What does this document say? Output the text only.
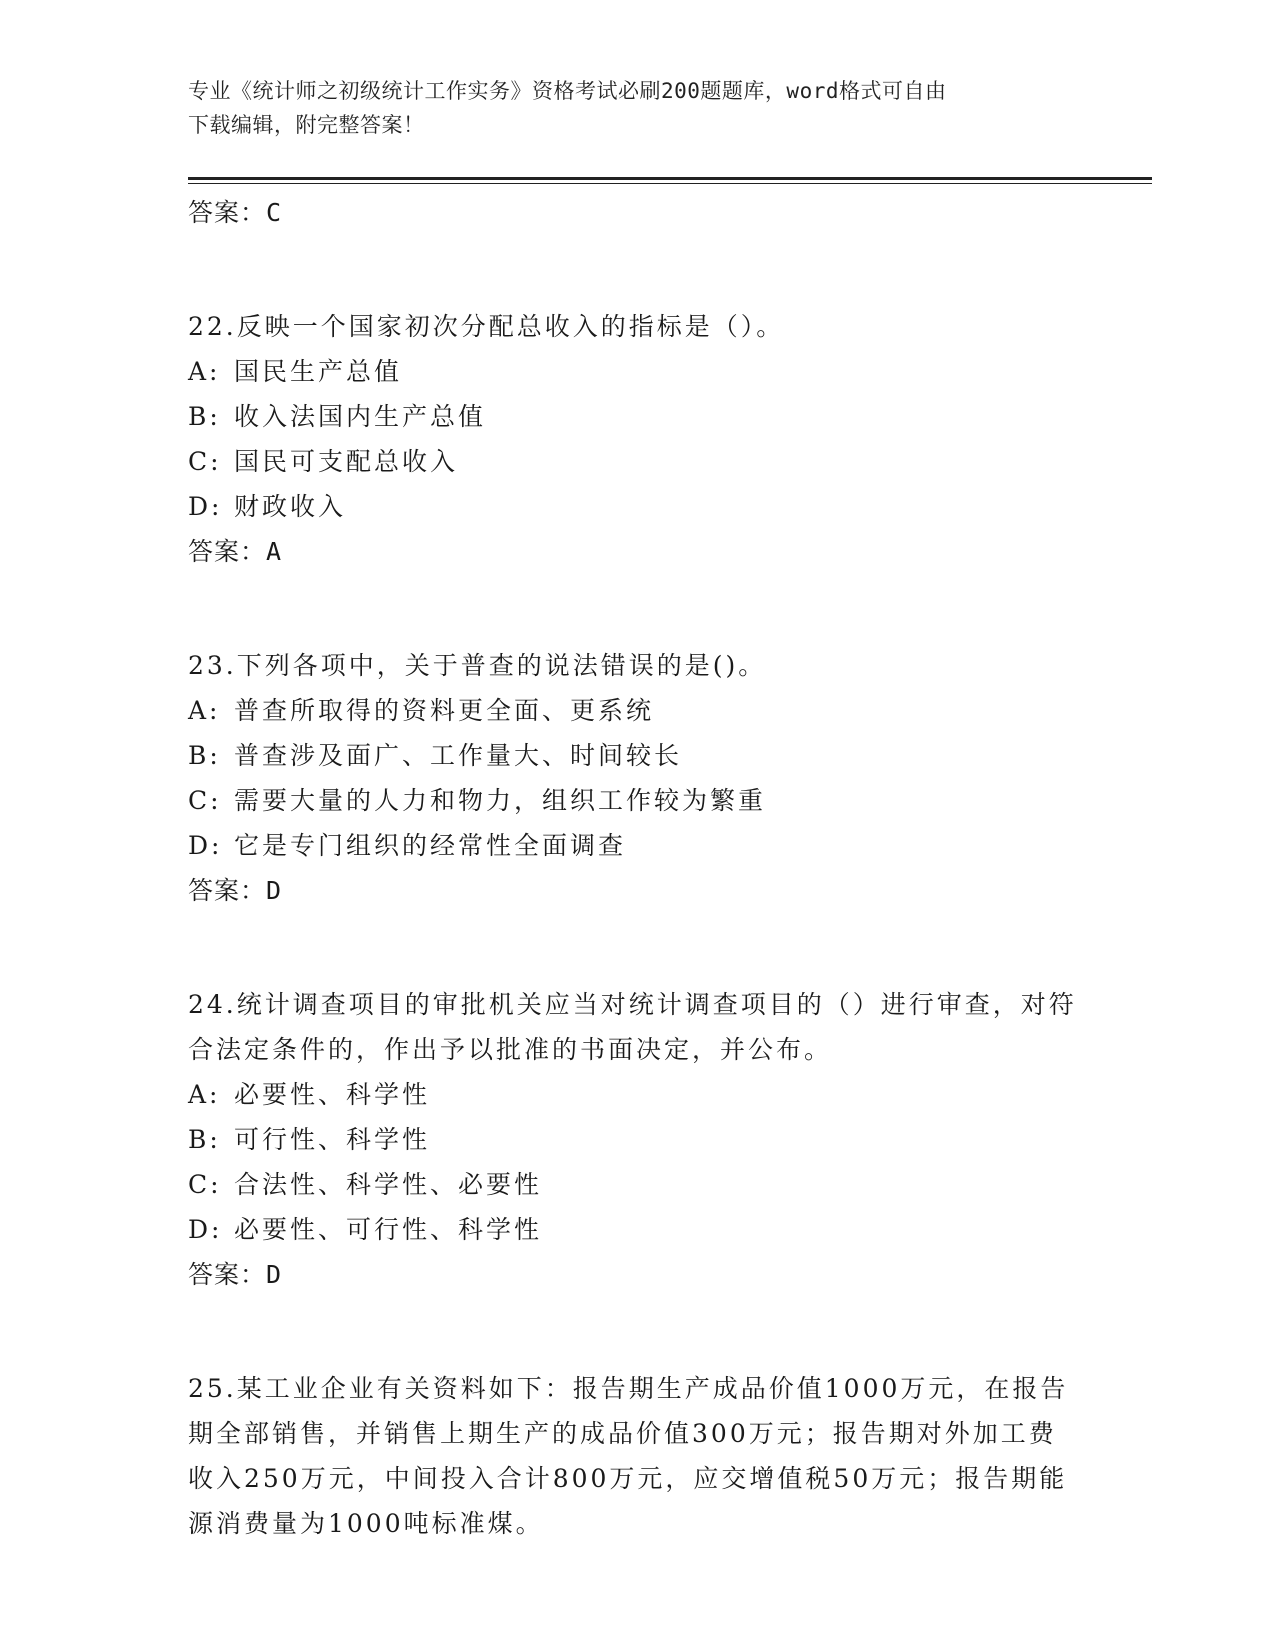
专业《统计师之初级统计工作实务》资格考试必刷200题题库，word格式可自由
下载编辑，附完整答案！
答案：C
22.反映一个国家初次分配总收入的指标是（）。
A: 国民生产总值
B: 收入法国内生产总值
C: 国民可支配总收入
D: 财政收入
答案：A
23.下列各项中，关于普查的说法错误的是()。
A: 普查所取得的资料更全面、更系统
B: 普查涉及面广、工作量大、时间较长
C: 需要大量的人力和物力，组织工作较为繁重
D: 它是专门组织的经常性全面调查
答案：D
24.统计调查项目的审批机关应当对统计调查项目的（）进行审查，对符合法定条件的，作出予以批准的书面决定，并公布。
A: 必要性、科学性
B: 可行性、科学性
C: 合法性、科学性、必要性
D: 必要性、可行性、科学性
答案：D
25.某工业企业有关资料如下：报告期生产成品价值1000万元，在报告期全部销售，并销售上期生产的成品价值300万元；报告期对外加工费收入250万元，中间投入合计800万元，应交增值税50万元；报告期能源消费量为1000吨标准煤。
